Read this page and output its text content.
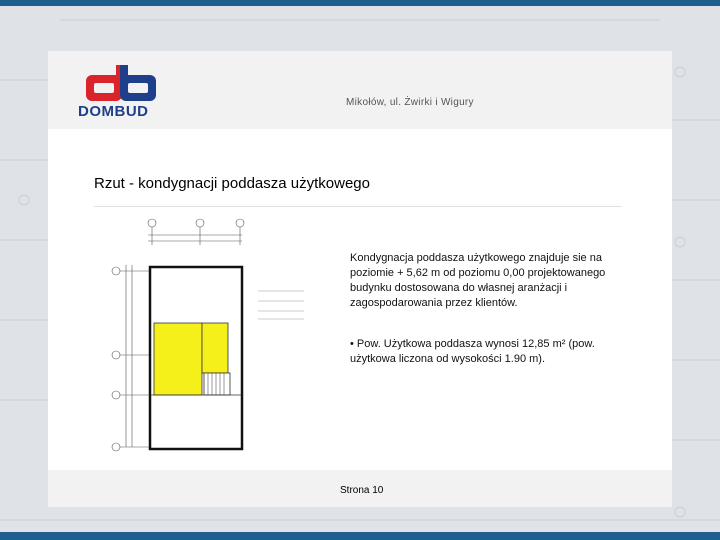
DOMBUD
Mikołów, ul. Żwirki i Wigury
Rzut - kondygnacji poddasza użytkowego
Kondygnacja poddasza użytkowego znajduje sie na poziomie + 5,62 m od poziomu 0,00 projektowanego budynku dostosowana do własnej aranżacji i zagospodarowania przez klientów.
• Pow. Użytkowa poddasza wynosi 12,85 m² (pow. użytkowa liczona od wysokości 1.90 m).
Strona 10
